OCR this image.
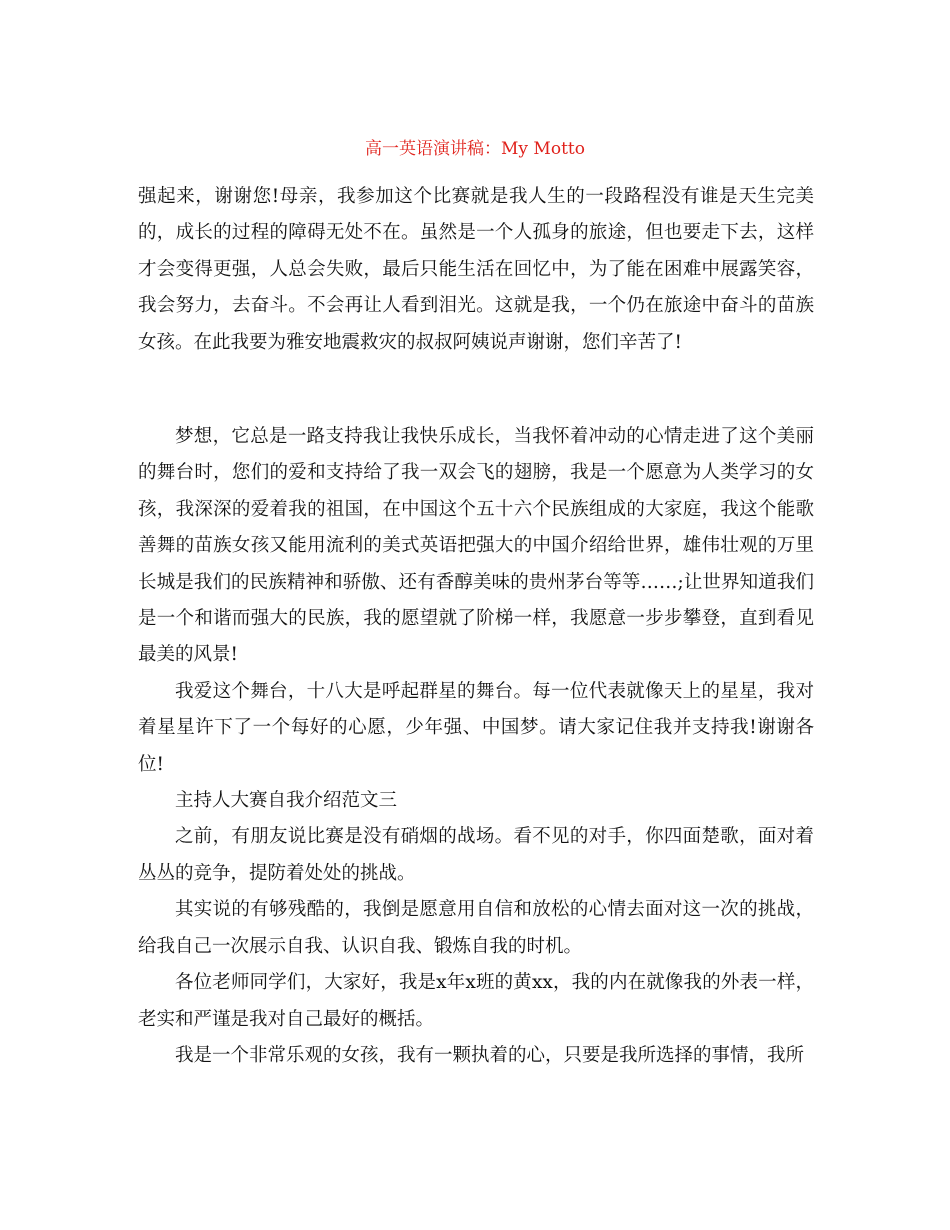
高一英语演讲稿：My Motto

强起来，谢谢您!母亲，我参加这个比赛就是我人生的一段路程没有谁是天生完美的，成长的过程的障碍无处不在。虽然是一个人孤身的旅途，但也要走下去，这样才会变得更强，人总会失败，最后只能生活在回忆中，为了能在困难中展露笑容，我会努力，去奋斗。不会再让人看到泪光。这就是我，一个仍在旅途中奋斗的苗族女孩。在此我要为雅安地震救灾的叔叔阿姨说声谢谢，您们辛苦了!

梦想，它总是一路支持我让我快乐成长，当我怀着冲动的心情走进了这个美丽的舞台时，您们的爱和支持给了我一双会飞的翅膀，我是一个愿意为人类学习的女孩，我深深的爱着我的祖国，在中国这个五十六个民族组成的大家庭，我这个能歌善舞的苗族女孩又能用流利的美式英语把强大的中国介绍给世界，雄伟壮观的万里长城是我们的民族精神和骄傲、还有香醇美味的贵州茅台等等……;让世界知道我们是一个和谐而强大的民族，我的愿望就了阶梯一样，我愿意一步步攀登，直到看见最美的风景!

我爱这个舞台，十八大是呼起群星的舞台。每一位代表就像天上的星星，我对着星星许下了一个每好的心愿，少年强、中国梦。请大家记住我并支持我!谢谢各位!

主持人大赛自我介绍范文三

之前，有朋友说比赛是没有硝烟的战场。看不见的对手，你四面楚歌，面对着丛丛的竞争，提防着处处的挑战。

其实说的有够残酷的，我倒是愿意用自信和放松的心情去面对这一次的挑战，给我自己一次展示自我、认识自我、锻炼自我的时机。

各位老师同学们，大家好，我是x年x班的黄xx，我的内在就像我的外表一样，老实和严谨是我对自己最好的概括。

我是一个非常乐观的女孩，我有一颗执着的心，只要是我所选择的事情，我所
